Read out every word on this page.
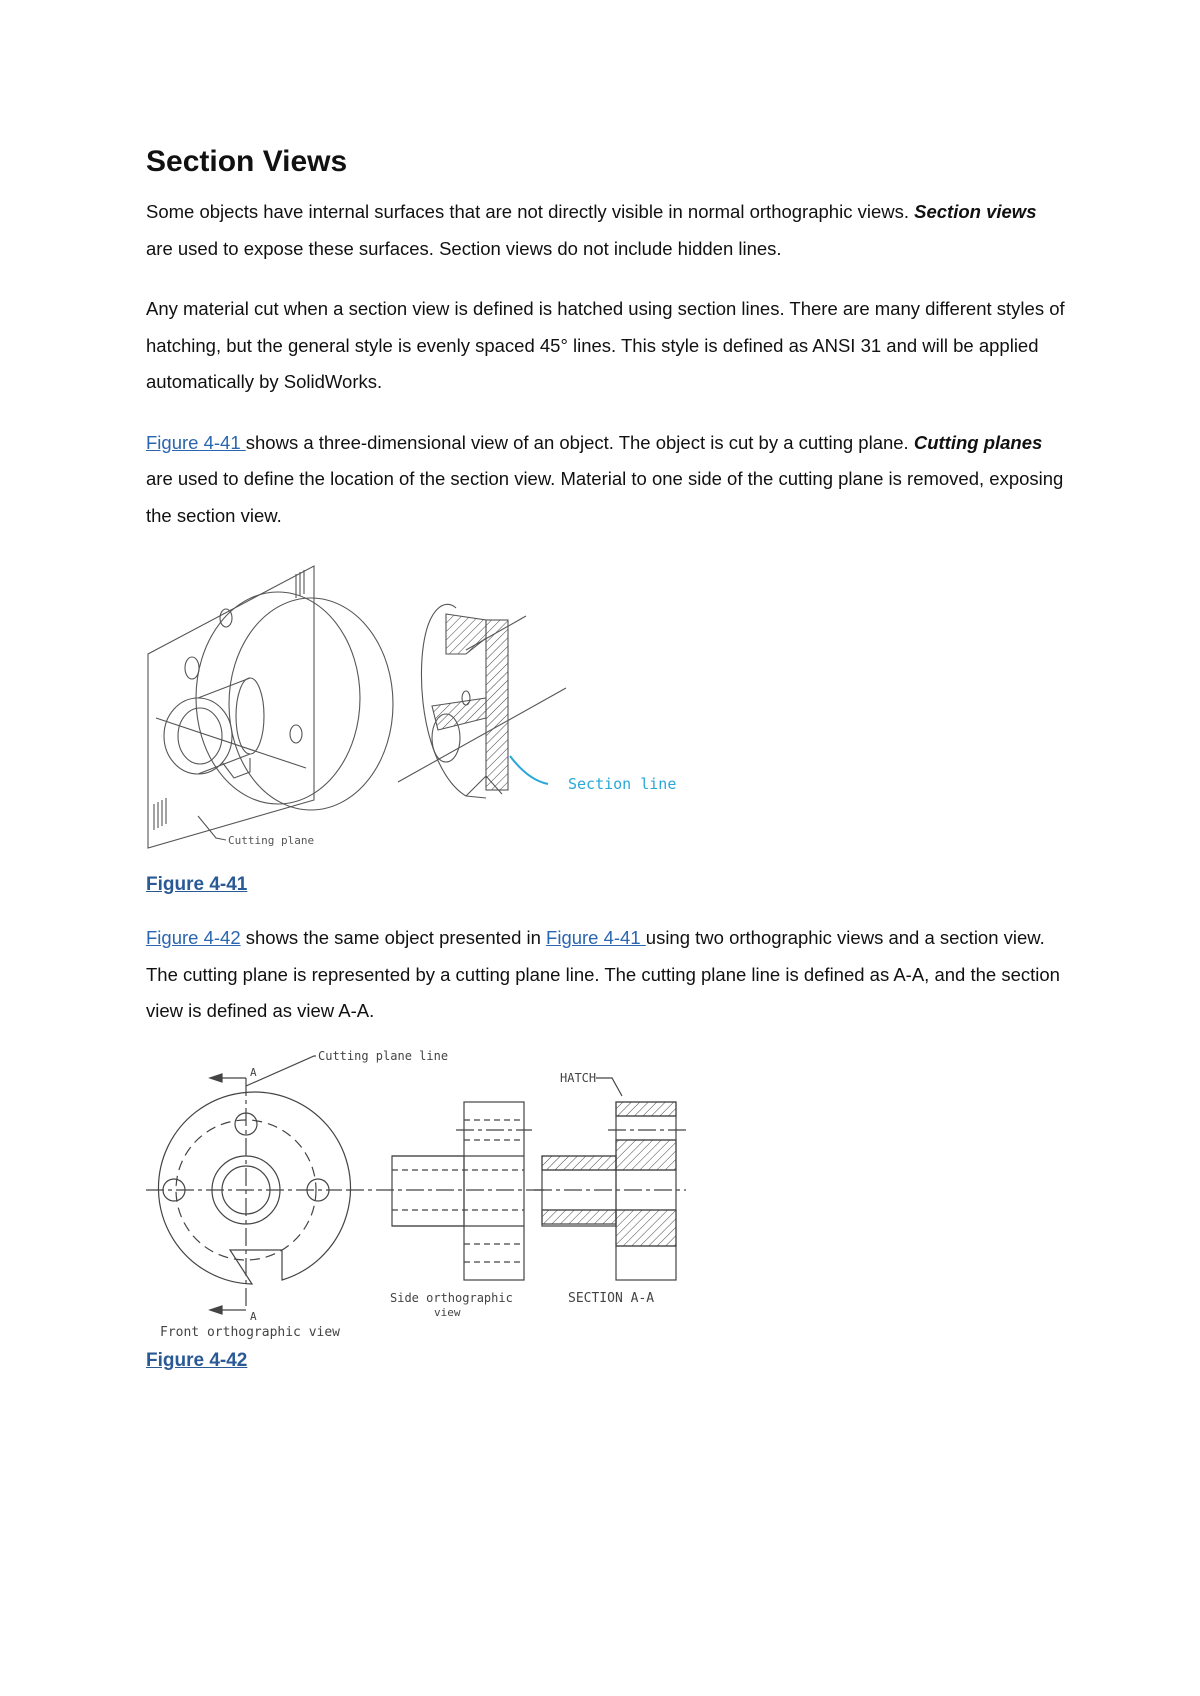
Section Views

Some objects have internal surfaces that are not directly visible in normal orthographic views. Section views are used to expose these surfaces. Section views do not include hidden lines.

Any material cut when a section view is defined is hatched using section lines. There are many different styles of hatching, but the general style is evenly spaced 45° lines. This style is defined as ANSI 31 and will be applied automatically by SolidWorks.

Figure 4-41 shows a three-dimensional view of an object. The object is cut by a cutting plane. Cutting planes are used to define the location of the section view. Material to one side of the cutting plane is removed, exposing the section view.

Cutting plane
Section line
Figure 4-41

Figure 4-42 shows the same object presented in Figure 4-41 using two orthographic views and a section view. The cutting plane is represented by a cutting plane line. The cutting plane line is defined as A-A, and the section view is defined as view A-A.

Cutting plane line
A
A
Front orthographic view
Side orthographic
view
HATCH
SECTION A-A
Figure 4-42
